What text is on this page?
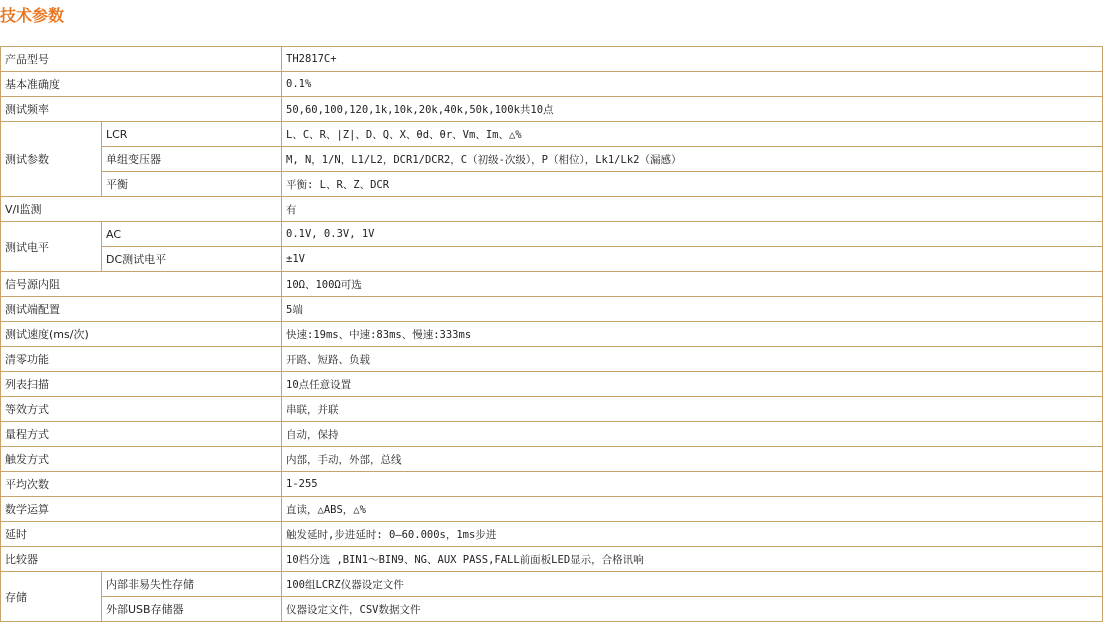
技术参数
产品型号		TH2817C+
基本准确度		0.1%
测试频率		50,60,100,120,1k,10k,20k,40k,50k,100k共10点
测试参数	LCR	L、C、R、|Z|、D、Q、X、θd、θr、Vm、Im、△%
	单组变压器	M, N，1/N，L1/L2，DCR1/DCR2，C（初级-次级），P（相位），Lk1/Lk2（漏感）
	平衡	平衡: L、R、Z、DCR
V/I监测		有
测试电平	AC	0.1V, 0.3V, 1V
	DC测试电平	±1V
信号源内阻		10Ω、100Ω可选
测试端配置		5端
测试速度(ms/次)		快速:19ms、中速:83ms、慢速:333ms
清零功能		开路、短路、负载
列表扫描		10点任意设置
等效方式		串联，并联
量程方式		自动，保持
触发方式		内部，手动，外部，总线
平均次数		1-255
数学运算		直读，△ABS，△%
延时		触发延时,步进延时: 0—60.000s，1ms步进
比较器		10档分选 ,BIN1～BIN9、NG、AUX PASS,FALL前面板LED显示，合格讯响
存储	内部非易失性存储	100组LCRZ仪器设定文件
	外部USB存储器	仪器设定文件，CSV数据文件
